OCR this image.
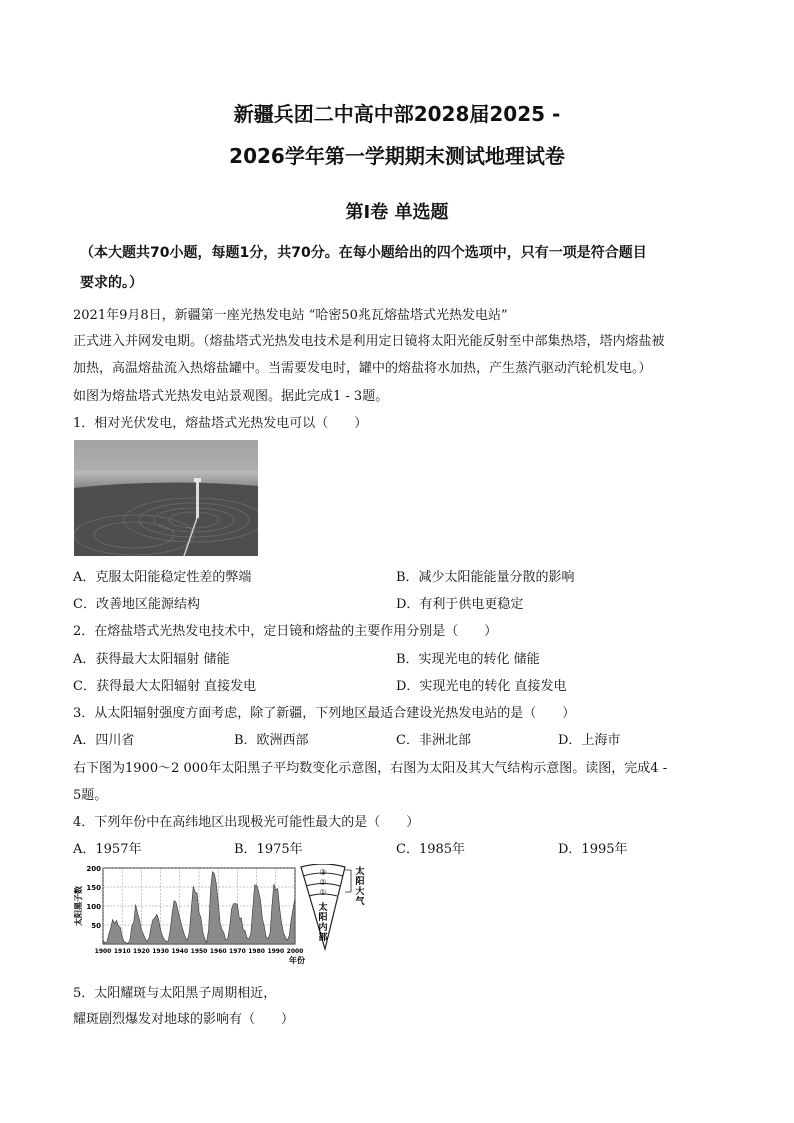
新疆兵团二中高中部2028届2025 -
2026学年第一学期期末测试地理试卷
第Ⅰ卷 单选题
（本大题共70小题，每题1分，共70分。在每小题给出的四个选项中，只有一项是符合题目
要求的。）
2021年9月8日，新疆第一座光热发电站 “哈密50兆瓦熔盐塔式光热发电站”
正式进入并网发电期。（熔盐塔式光热发电技术是利用定日镜将太阳光能反射至中部集热塔，塔内熔盐被
加热，高温熔盐流入热熔盐罐中。当需要发电时，罐中的熔盐将水加热，产生蒸汽驱动汽轮机发电。）
如图为熔盐塔式光热发电站景观图。据此完成1 - 3题。
1．相对光伏发电，熔盐塔式光热发电可以（　　）
A．克服太阳能稳定性差的弊端	B．减少太阳能能量分散的影响
C．改善地区能源结构	D．有利于供电更稳定
2．在熔盐塔式光热发电技术中，定日镜和熔盐的主要作用分别是（　　）
A．获得最大太阳辐射 储能	B．实现光电的转化 储能
C．获得最大太阳辐射 直接发电	D．实现光电的转化 直接发电
3．从太阳辐射强度方面考虑，除了新疆，下列地区最适合建设光热发电站的是（　　）
A．四川省	B．欧洲西部	C．非洲北部	D．上海市
右下图为1900～2 000年太阳黑子平均数变化示意图，右图为太阳及其大气结构示意图。读图，完成4 -
5题。
4．下列年份中在高纬地区出现极光可能性最大的是（　　）
A．1957年	B．1975年	C．1985年	D．1995年
50
100
150
200
1900 1910 1920 1930 1940 1950 1960 1970 1980 1990 2000
年份
太阳黑子数
③
②
①
太
阳
内
部
太
阳
大
气
5．太阳耀斑与太阳黑子周期相近，
耀斑剧烈爆发对地球的影响有（　　）
